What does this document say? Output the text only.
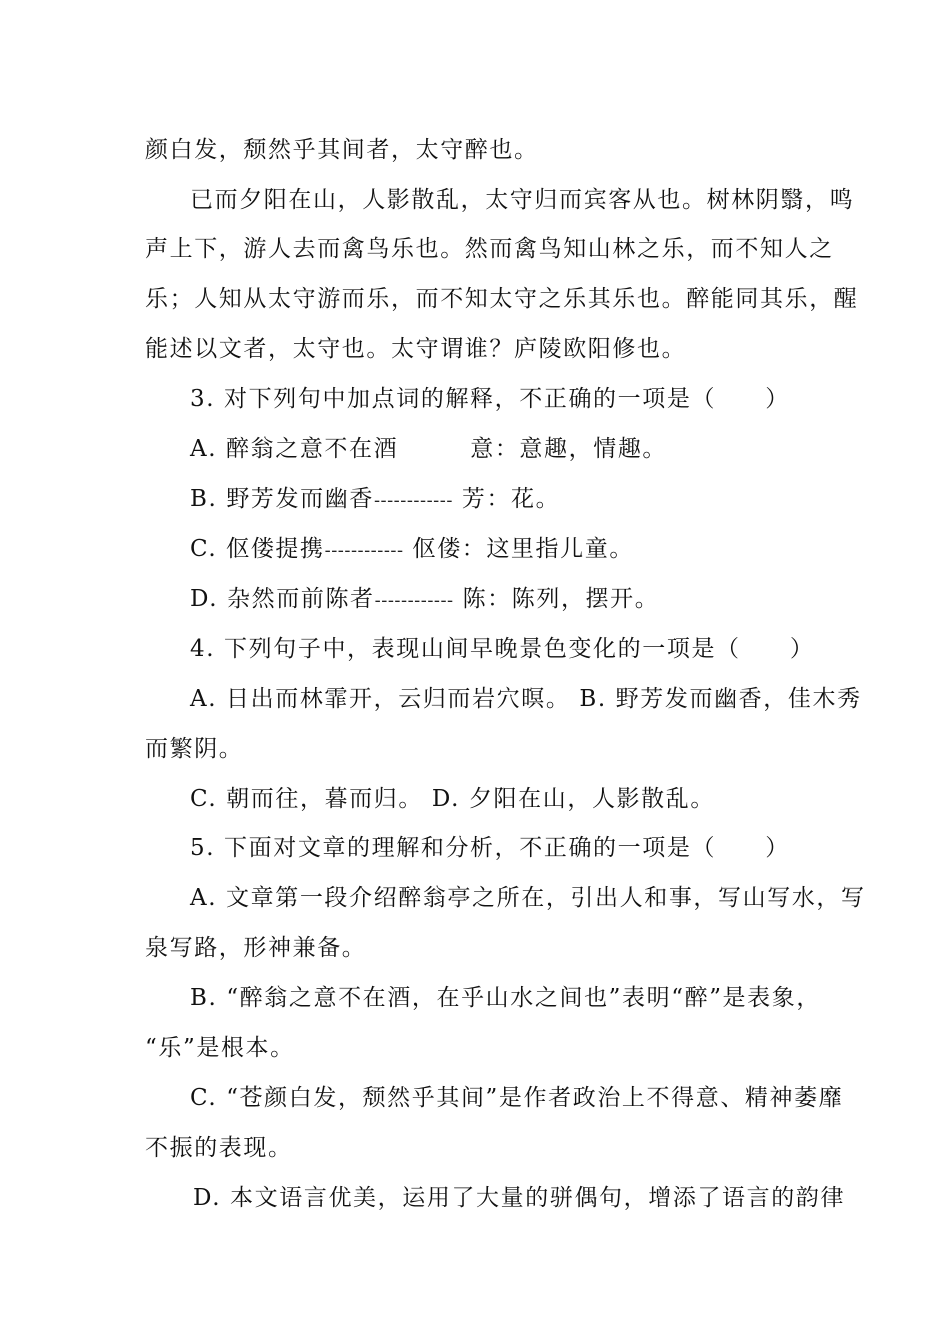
颜白发，颓然乎其间者，太守醉也。
已而夕阳在山，人影散乱，太守归而宾客从也。树林阴翳，鸣
声上下，游人去而禽鸟乐也。然而禽鸟知山林之乐，而不知人之
乐；人知从太守游而乐，而不知太守之乐其乐也。醉能同其乐，醒
能述以文者，太守也。太守谓谁？庐陵欧阳修也。
3. 对下列句中加点词的解释，不正确的一项是（　　）
A. 醉翁之意不在酒	意：意趣，情趣。
B. 野芳发而幽香------------ 芳：花。
C. 伛偻提携------------ 伛偻：这里指儿童。
D. 杂然而前陈者------------ 陈：陈列，摆开。
4. 下列句子中，表现山间早晚景色变化的一项是（　　）
A. 日出而林霏开，云归而岩穴暝。 B. 野芳发而幽香，佳木秀
而繁阴。
C. 朝而往，暮而归。 D. 夕阳在山，人影散乱。
5. 下面对文章的理解和分析，不正确的一项是（　　）
A. 文章第一段介绍醉翁亭之所在，引出人和事，写山写水，写
泉写路，形神兼备。
B. “醉翁之意不在酒，在乎山水之间也”表明“醉”是表象，
“乐”是根本。
C. “苍颜白发，颓然乎其间”是作者政治上不得意、精神萎靡
不振的表现。
D. 本文语言优美，运用了大量的骈偶句，增添了语言的韵律
